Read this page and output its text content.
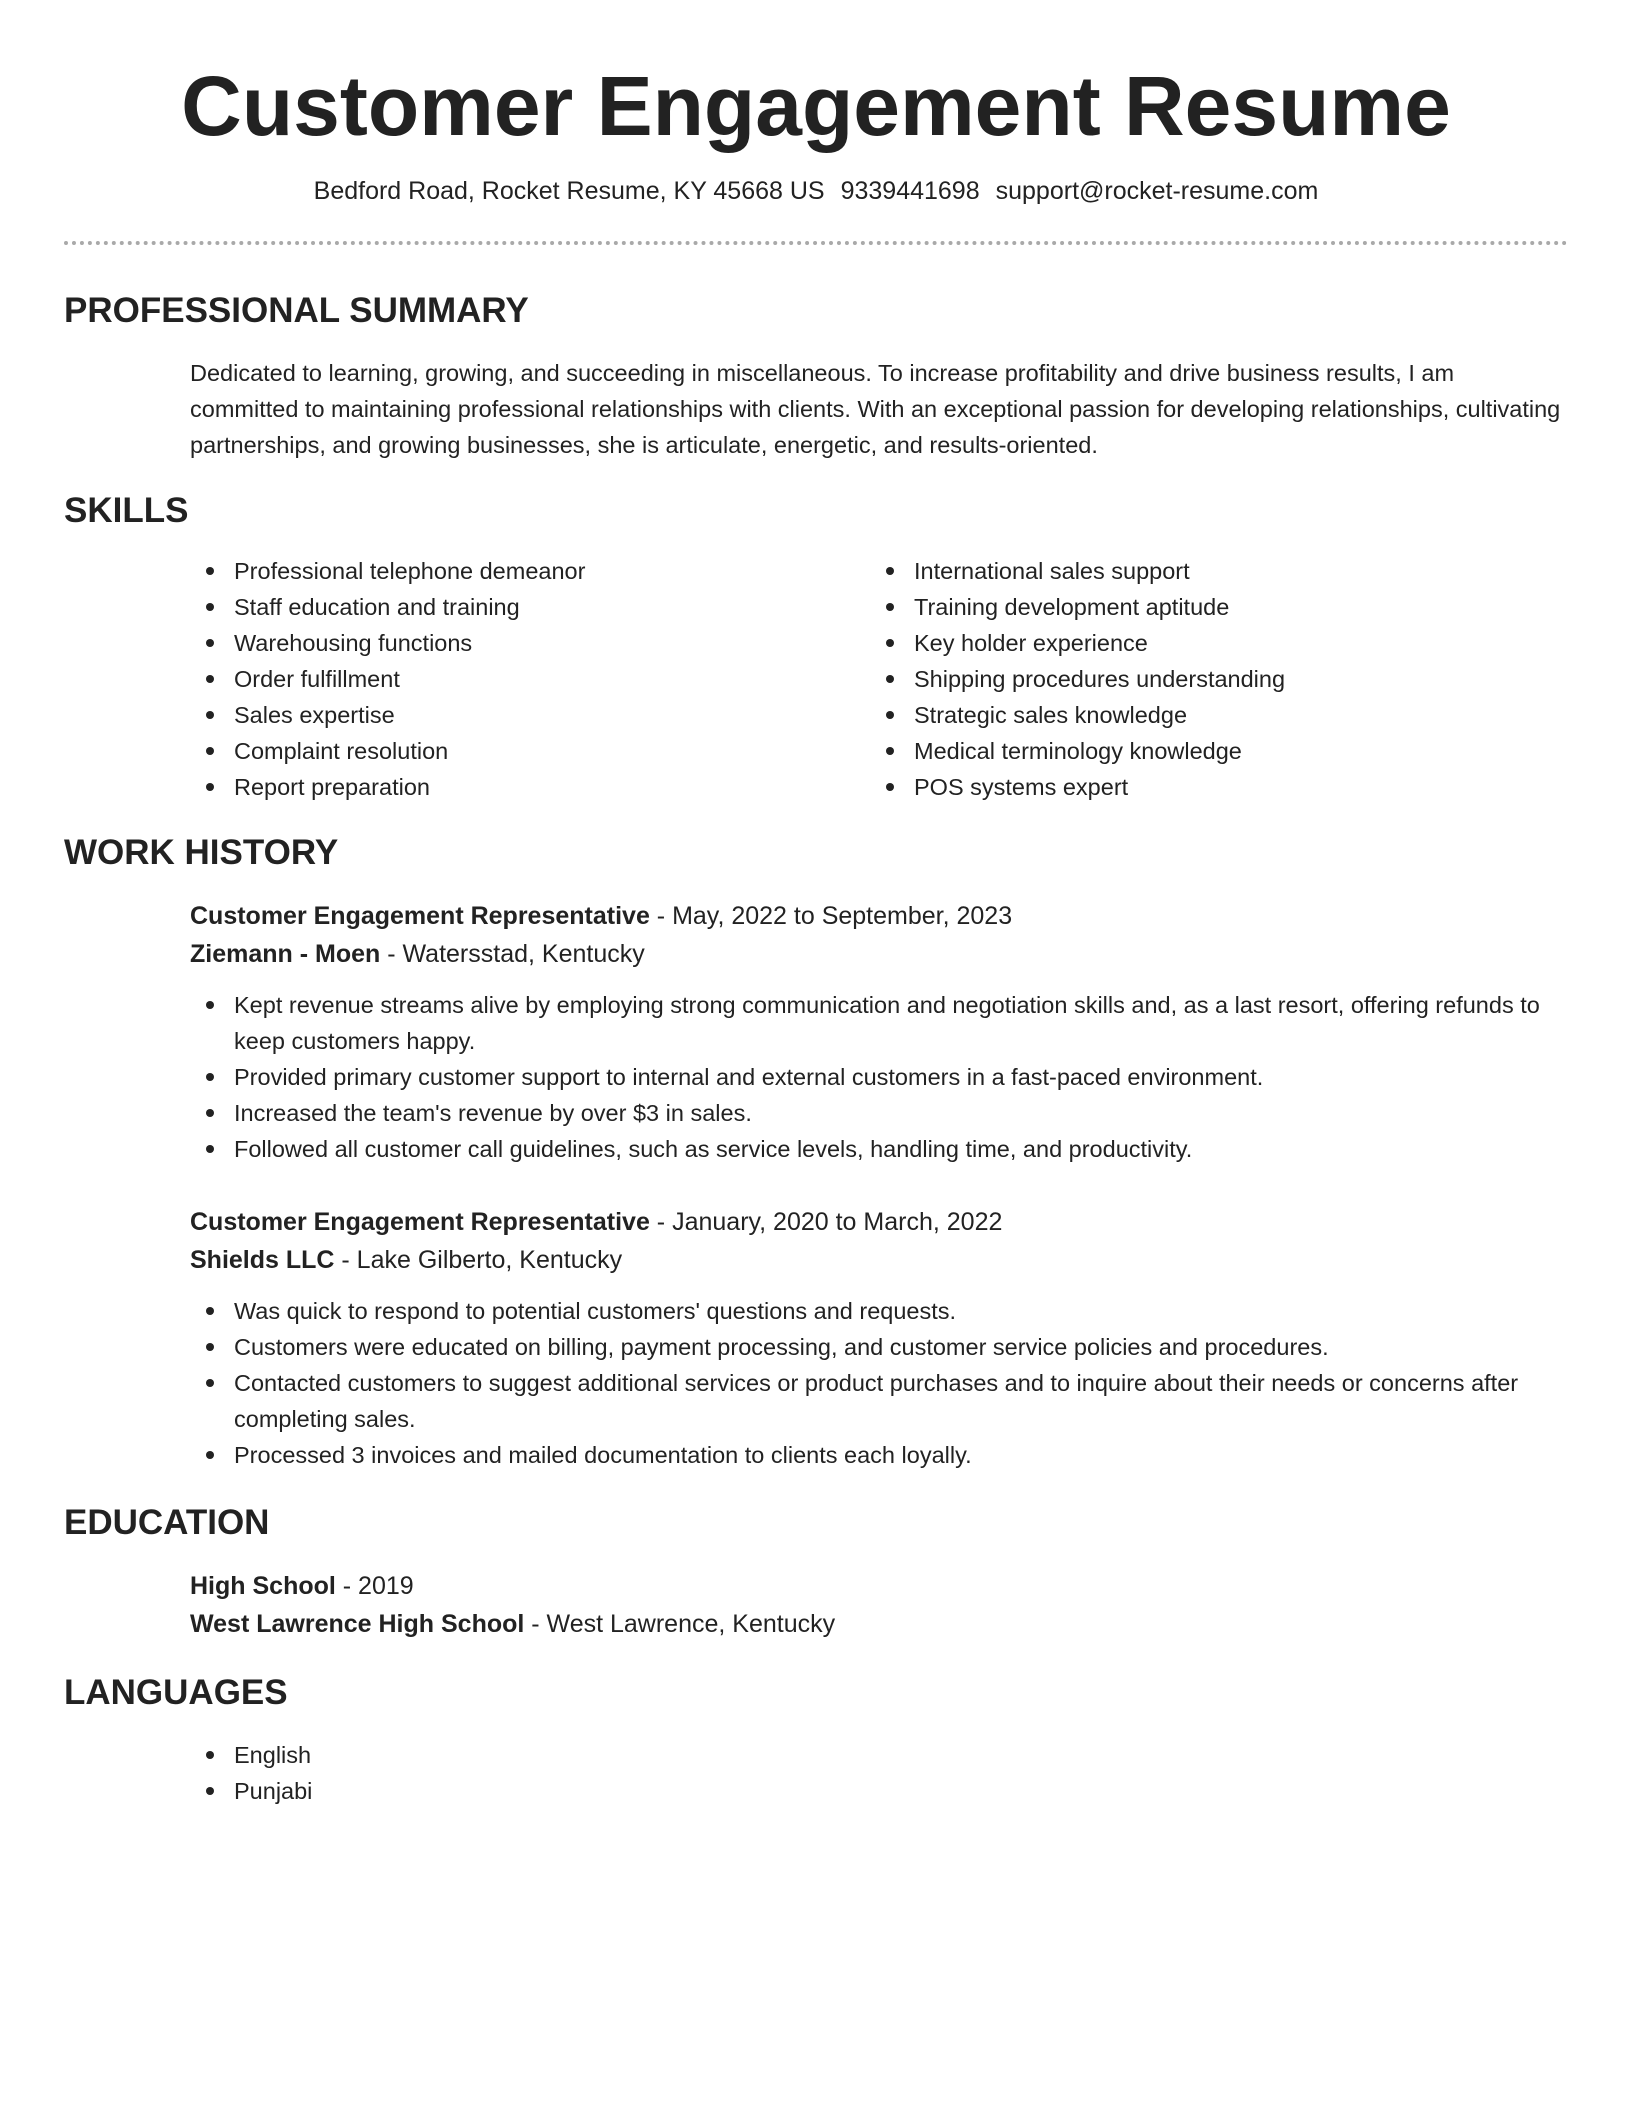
Customer Engagement Resume
Bedford Road, Rocket Resume, KY 45668 US 9339441698 support@rocket-resume.com
PROFESSIONAL SUMMARY

Dedicated to learning, growing, and succeeding in miscellaneous. To increase profitability and drive business results, I am committed to maintaining professional relationships with clients. With an exceptional passion for developing relationships, cultivating partnerships, and growing businesses, she is articulate, energetic, and results-oriented.

SKILLS
Professional telephone demeanor
Staff education and training
Warehousing functions
Order fulfillment
Sales expertise
Complaint resolution
Report preparation
International sales support
Training development aptitude
Key holder experience
Shipping procedures understanding
Strategic sales knowledge
Medical terminology knowledge
POS systems expert
WORK HISTORY
Customer Engagement Representative - May, 2022 to September, 2023
Ziemann - Moen - Watersstad, Kentucky
Kept revenue streams alive by employing strong communication and negotiation skills and, as a last resort, offering refunds to keep customers happy.
Provided primary customer support to internal and external customers in a fast-paced environment.
Increased the team's revenue by over $3 in sales.
Followed all customer call guidelines, such as service levels, handling time, and productivity.
Customer Engagement Representative - January, 2020 to March, 2022
Shields LLC - Lake Gilberto, Kentucky
Was quick to respond to potential customers' questions and requests.
Customers were educated on billing, payment processing, and customer service policies and procedures.
Contacted customers to suggest additional services or product purchases and to inquire about their needs or concerns after completing sales.
Processed 3 invoices and mailed documentation to clients each loyally.
EDUCATION
High School - 2019
West Lawrence High School - West Lawrence, Kentucky
LANGUAGES
English
Punjabi
